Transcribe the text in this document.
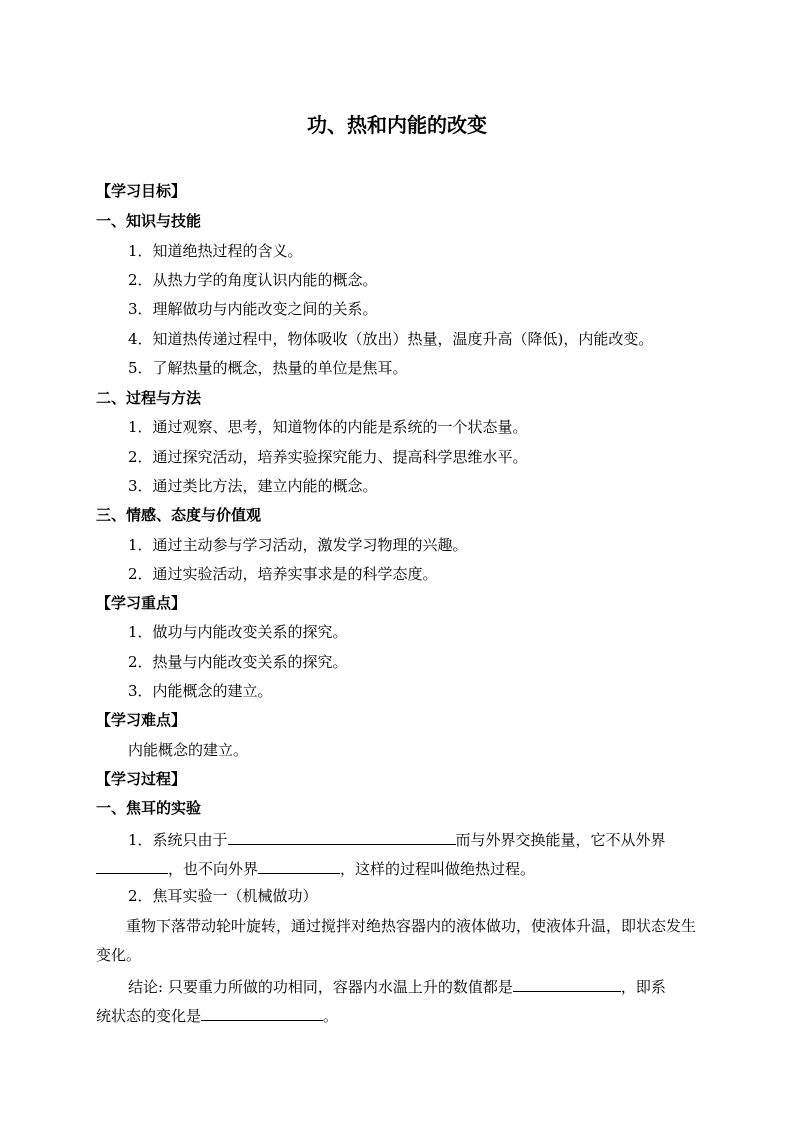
功、热和内能的改变
【学习目标】
一、知识与技能
1．知道绝热过程的含义。
2．从热力学的角度认识内能的概念。
3．理解做功与内能改变之间的关系。
4．知道热传递过程中，物体吸收（放出）热量，温度升高（降低)，内能改变。
5．了解热量的概念，热量的单位是焦耳。
二、过程与方法
1．通过观察、思考，知道物体的内能是系统的一个状态量。
2．通过探究活动，培养实验探究能力、提高科学思维水平。
3．通过类比方法，建立内能的概念。
三、情感、态度与价值观
1．通过主动参与学习活动，激发学习物理的兴趣。
2．通过实验活动，培养实事求是的科学态度。
【学习重点】
1．做功与内能改变关系的探究。
2．热量与内能改变关系的探究。
3．内能概念的建立。
【学习难点】
内能概念的建立。
【学习过程】
一、焦耳的实验
1．系统只由于	而与外界交换能量，它不从外界
，也不向外界	，这样的过程叫做绝热过程。
2．焦耳实验一（机械做功）
重物下落带动轮叶旋转，通过搅拌对绝热容器内的液体做功，使液体升温，即状态发生变化。
结论: 只要重力所做的功相同，容器内水温上升的数值都是	，即系
统状态的变化是	。
